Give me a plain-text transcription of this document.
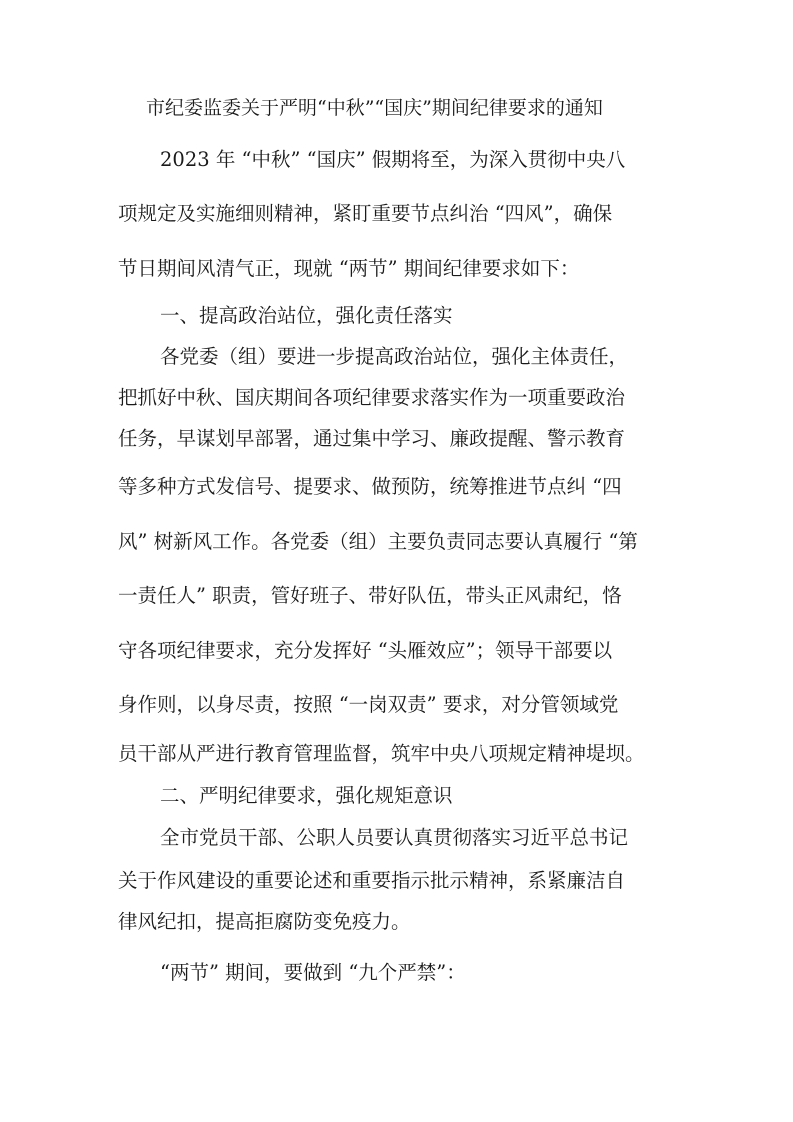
市纪委监委关于严明“中秋”“国庆”期间纪律要求的通知
2023 年 “中秋” “国庆” 假期将至，为深入贯彻中央八
项规定及实施细则精神，紧盯重要节点纠治 “四风”，确保
节日期间风清气正，现就 “两节” 期间纪律要求如下：
一、提高政治站位，强化责任落实
各党委（组）要进一步提高政治站位，强化主体责任，
把抓好中秋、国庆期间各项纪律要求落实作为一项重要政治
任务，早谋划早部署，通过集中学习、廉政提醒、警示教育
等多种方式发信号、提要求、做预防，统筹推进节点纠 “四
风” 树新风工作。各党委（组）主要负责同志要认真履行 “第
一责任人” 职责，管好班子、带好队伍，带头正风肃纪，恪
守各项纪律要求，充分发挥好 “头雁效应”；领导干部要以
身作则，以身尽责，按照 “一岗双责” 要求，对分管领域党
员干部从严进行教育管理监督，筑牢中央八项规定精神堤坝。
二、严明纪律要求，强化规矩意识
全市党员干部、公职人员要认真贯彻落实习近平总书记
关于作风建设的重要论述和重要指示批示精神，系紧廉洁自
律风纪扣，提高拒腐防变免疫力。
“两节” 期间，要做到 “九个严禁”：
